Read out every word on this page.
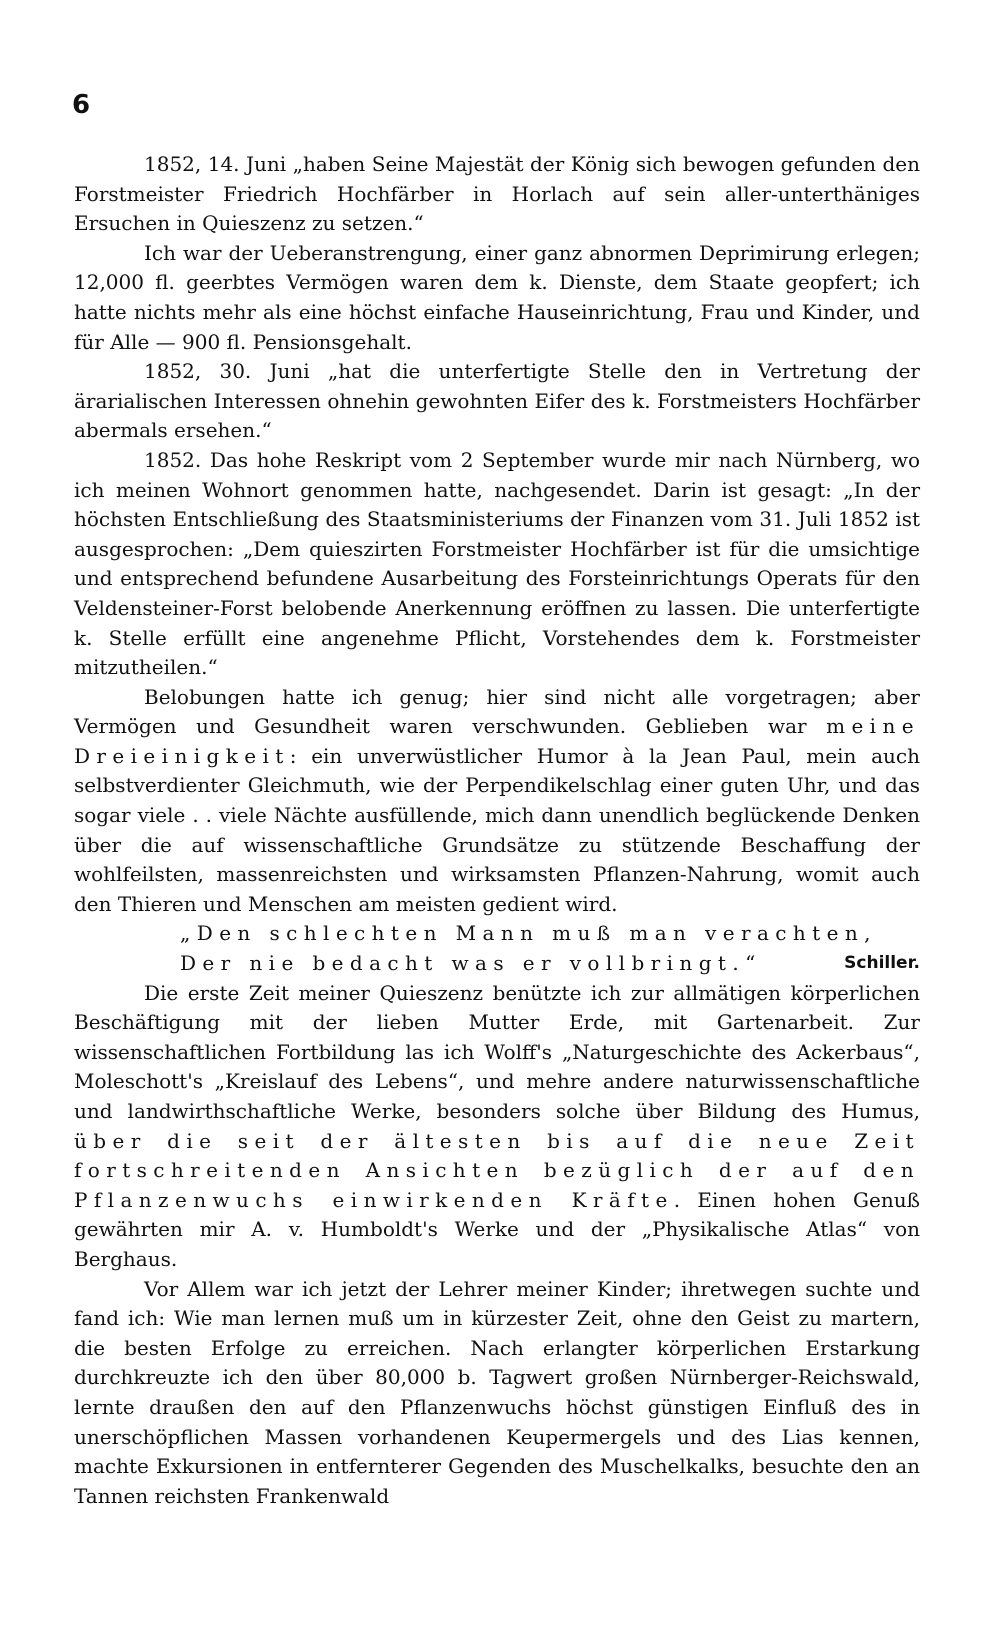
6

1852, 14. Juni „haben Seine Majestät der König sich bewogen gefunden den Forstmeister Friedrich Hochfärber in Horlach auf sein aller-unterthäniges Ersuchen in Quieszenz zu setzen.“

Ich war der Ueberanstrengung, einer ganz abnormen Deprimirung erlegen; 12,000 fl. geerbtes Vermögen waren dem k. Dienste, dem Staate geopfert; ich hatte nichts mehr als eine höchst einfache Hauseinrichtung, Frau und Kinder, und für Alle — 900 fl. Pensionsgehalt.

1852, 30. Juni „hat die unterfertigte Stelle den in Vertretung der ärarialischen Interessen ohnehin gewohnten Eifer des k. Forstmeisters Hochfärber abermals ersehen.“

1852. Das hohe Reskript vom 2 September wurde mir nach Nürnberg, wo ich meinen Wohnort genommen hatte, nachgesendet. Darin ist gesagt: „In der höchsten Entschließung des Staatsministeriums der Finanzen vom 31. Juli 1852 ist ausgesprochen: „Dem quieszirten Forstmeister Hochfärber ist für die umsichtige und entsprechend befundene Ausarbeitung des Forsteinrichtungs Operats für den Veldensteiner-Forst belobende Anerkennung eröffnen zu lassen. Die unterfertigte k. Stelle erfüllt eine angenehme Pflicht, Vorstehendes dem k. Forstmeister mitzutheilen.“

Belobungen hatte ich genug; hier sind nicht alle vorgetragen; aber Vermögen und Gesundheit waren verschwunden. Geblieben war meine Dreieinigkeit: ein unverwüstlicher Humor à la Jean Paul, mein auch selbstverdienter Gleichmuth, wie der Perpendikelschlag einer guten Uhr, und das sogar viele . . viele Nächte ausfüllende, mich dann unendlich beglückende Denken über die auf wissenschaftliche Grundsätze zu stützende Beschaffung der wohlfeilsten, massenreichsten und wirksamsten Pflanzen-Nahrung, womit auch den Thieren und Menschen am meisten gedient wird.

„Den schlechten Mann muß man verachten,

Der nie bedacht was er vollbringt.“	Schiller.

Die erste Zeit meiner Quieszenz benützte ich zur allmätigen körperlichen Beschäftigung mit der lieben Mutter Erde, mit Gartenarbeit. Zur wissenschaftlichen Fortbildung las ich Wolff's „Naturgeschichte des Ackerbaus“, Moleschott's „Kreislauf des Lebens“, und mehre andere naturwissenschaftliche und landwirthschaftliche Werke, besonders solche über Bildung des Humus, über die seit der ältesten bis auf die neue Zeit fortschreitenden Ansichten bezüglich der auf den Pflanzenwuchs einwirkenden Kräfte. Einen hohen Genuß gewährten mir A. v. Humboldt's Werke und der „Physikalische Atlas“ von Berghaus.

Vor Allem war ich jetzt der Lehrer meiner Kinder; ihretwegen suchte und fand ich: Wie man lernen muß um in kürzester Zeit, ohne den Geist zu martern, die besten Erfolge zu erreichen. Nach erlangter körperlichen Erstarkung durchkreuzte ich den über 80,000 b. Tagwert großen Nürnberger-Reichswald, lernte draußen den auf den Pflanzenwuchs höchst günstigen Einfluß des in unerschöpflichen Massen vorhandenen Keupermergels und des Lias kennen, machte Exkursionen in entfernterer Gegenden des Muschelkalks, besuchte den an Tannen reichsten Frankenwald
